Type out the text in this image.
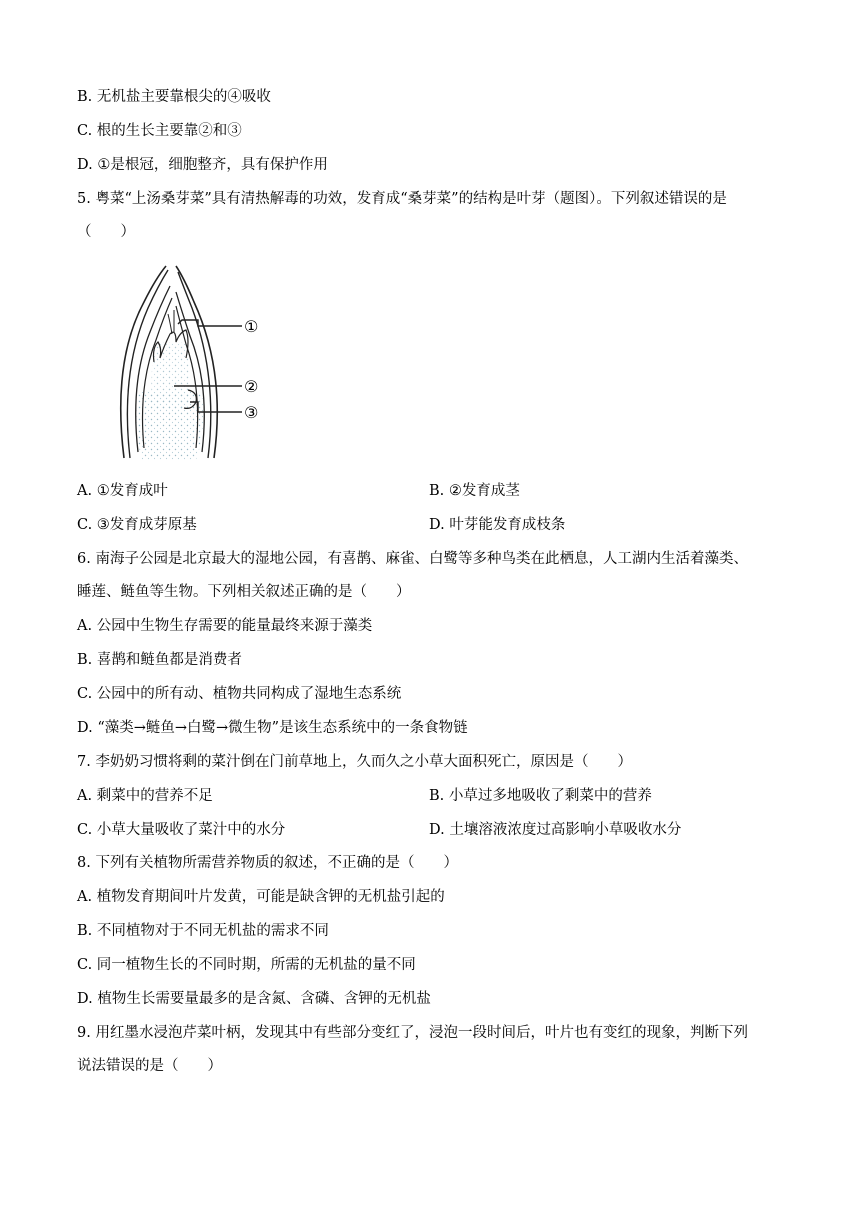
B. 无机盐主要靠根尖的④吸收
C. 根的生长主要靠②和③
D. ①是根冠，细胞整齐，具有保护作用
5. 粤菜“上汤桑芽菜”具有清热解毒的功效，发育成“桑芽菜”的结构是叶芽（题图）。下列叙述错误的是
（　　）
①
②
③
A. ①发育成叶	B. ②发育成茎
C. ③发育成芽原基	D. 叶芽能发育成枝条
6. 南海子公园是北京最大的湿地公园，有喜鹊、麻雀、白鹭等多种鸟类在此栖息，人工湖内生活着藻类、
睡莲、鲢鱼等生物。下列相关叙述正确的是（　　）
A. 公园中生物生存需要的能量最终来源于藻类
B. 喜鹊和鲢鱼都是消费者
C. 公园中的所有动、植物共同构成了湿地生态系统
D. “藻类→鲢鱼→白鹭→微生物”是该生态系统中的一条食物链
7. 李奶奶习惯将剩的菜汁倒在门前草地上，久而久之小草大面积死亡，原因是（　　）
A. 剩菜中的营养不足	B. 小草过多地吸收了剩菜中的营养
C. 小草大量吸收了菜汁中的水分	D. 土壤溶液浓度过高影响小草吸收水分
8. 下列有关植物所需营养物质的叙述，不正确的是（　　）
A. 植物发育期间叶片发黄，可能是缺含钾的无机盐引起的
B. 不同植物对于不同无机盐的需求不同
C. 同一植物生长的不同时期，所需的无机盐的量不同
D. 植物生长需要量最多的是含氮、含磷、含钾的无机盐
9. 用红墨水浸泡芹菜叶柄，发现其中有些部分变红了，浸泡一段时间后，叶片也有变红的现象，判断下列
说法错误的是（　　）
